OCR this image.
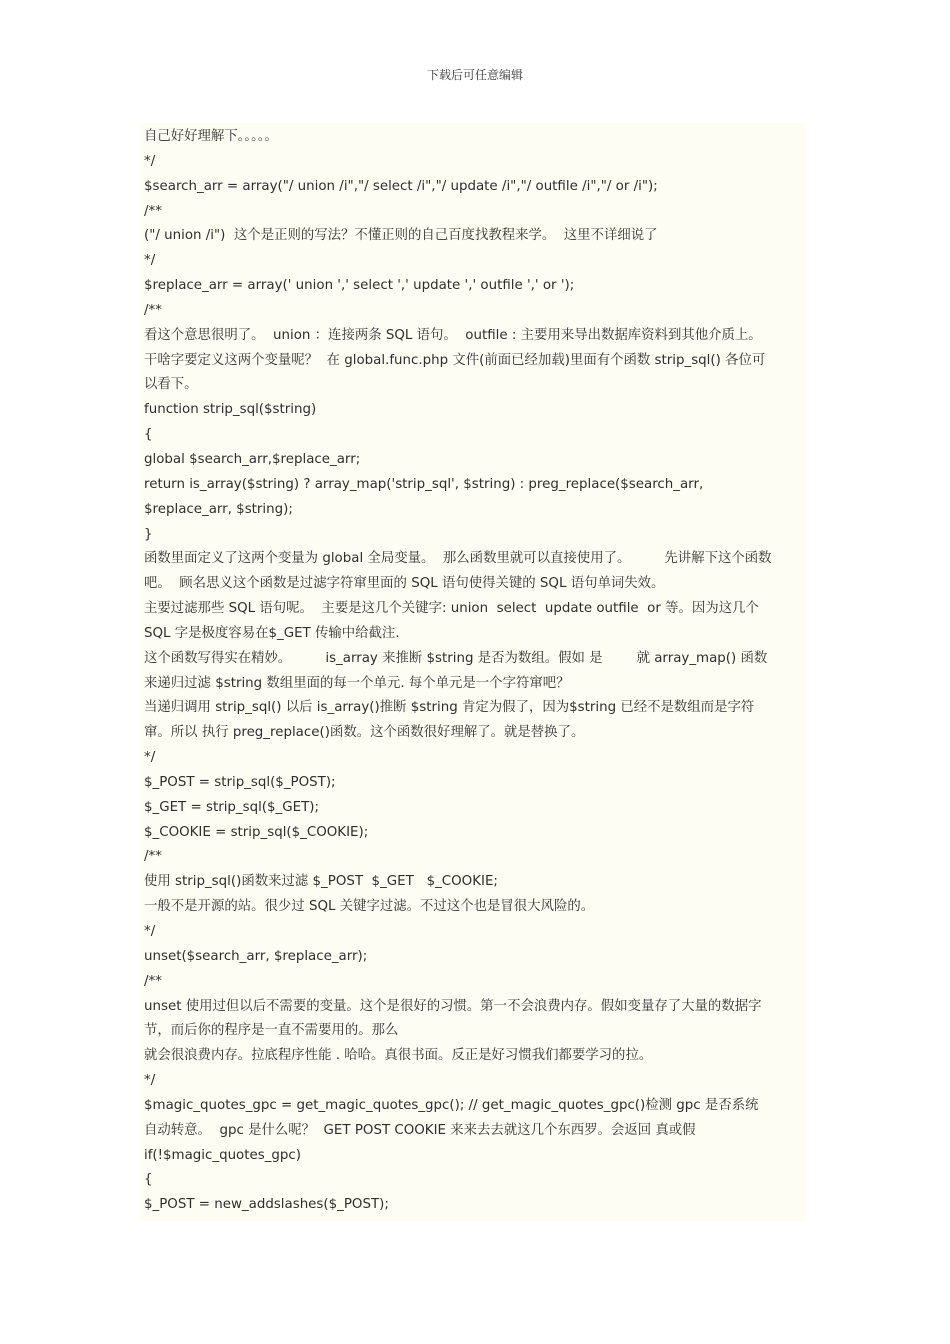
下载后可任意编辑
自己好好理解下。。。。。
*/
$search_arr = array("/ union /i","/ select /i","/ update /i","/ outfile /i","/ or /i");
/**
("/ union /i")  这个是正则的写法？不懂正则的自己百度找教程来学。  这里不详细说了
*/
$replace_arr = array(' union ',' select ',' update ',' outfile ',' or ');
/**
看这个意思很明了。  union ：连接两条 SQL 语句。  outfile : 主要用来导出数据库资料到其他介质上。
干啥字要定义这两个变量呢？  在 global.func.php 文件(前面已经加载)里面有个函数 strip_sql() 各位可
以看下。
function strip_sql($string)
{
global $search_arr,$replace_arr;
return is_array($string) ? array_map('strip_sql', $string) : preg_replace($search_arr,
$replace_arr, $string);
}
函数里面定义了这两个变量为 global 全局变量。  那么函数里就可以直接使用了。        先讲解下这个函数
吧。  顾名思义这个函数是过滤字符窜里面的 SQL 语句使得关键的 SQL 语句单词失效。
主要过滤那些 SQL 语句呢。  主要是这几个关键字: union  select  update outfile  or 等。因为这几个
SQL 字是极度容易在$_GET 传输中给截注.
这个函数写得实在精妙。        is_array 来推断 $string 是否为数组。假如 是        就 array_map() 函数
来递归过滤 $string 数组里面的每一个单元. 每个单元是一个字符窜吧？
当递归调用 strip_sql() 以后 is_array()推断 $string 肯定为假了，因为$string 已经不是数组而是字符
窜。所以 执行 preg_replace()函数。这个函数很好理解了。就是替换了。
*/
$_POST = strip_sql($_POST);
$_GET = strip_sql($_GET);
$_COOKIE = strip_sql($_COOKIE);
/**
使用 strip_sql()函数来过滤 $_POST  $_GET   $_COOKIE;
一般不是开源的站。很少过 SQL 关键字过滤。不过这个也是冒很大风险的。
*/
unset($search_arr, $replace_arr);
/**
unset 使用过但以后不需要的变量。这个是很好的习惯。第一不会浪费内存。假如变量存了大量的数据字
节，而后你的程序是一直不需要用的。那么
就会很浪费内存。拉底程序性能 . 哈哈。真很书面。反正是好习惯我们都要学习的拉。
*/
$magic_quotes_gpc = get_magic_quotes_gpc(); // get_magic_quotes_gpc()检测 gpc 是否系统
自动转意。  gpc 是什么呢？  GET POST COOKIE 来来去去就这几个东西罗。会返回 真或假
if(!$magic_quotes_gpc)
{
$_POST = new_addslashes($_POST);
